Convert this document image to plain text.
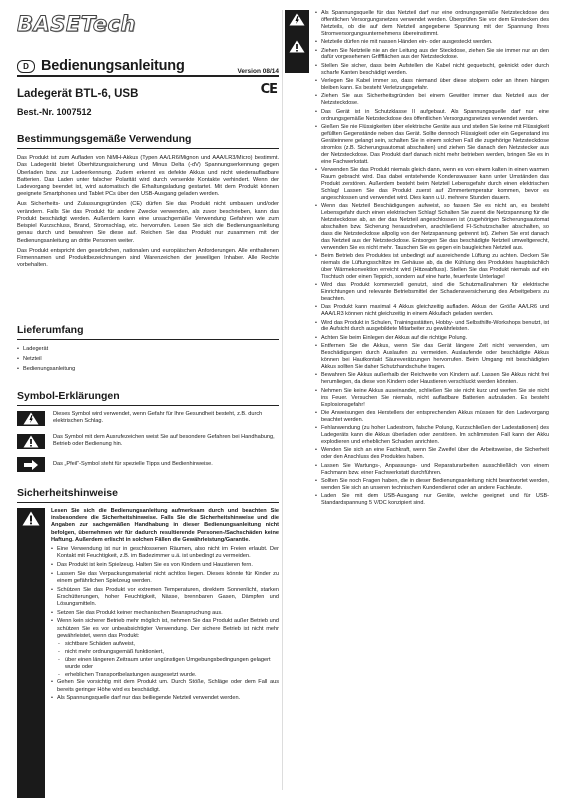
BASETech
D Bedienungsanleitung	Version 08/14
Ladegerät BTL-6, USB	CE
Best.-Nr. 1007512
Bestimmungsgemäße Verwendung

Das Produkt ist zum Aufladen von NiMH-Akkus (Typen AA/LR6/Mignon und AAA/LR3/Micro) bestimmt. Das Ladegerät bietet Überhitzungssicherung und Minus Delta (-dV) Spannungserkennung gegen Überladen bzw. zur Ladeerkennung. Zudem erkennt es defekte Akkus und nicht wiederaufladbare Batterien. Das Laden unter falscher Polarität wird durch versenkte Kontakte verhindert. Wenn der Ladevorgang beendet ist, wird automatisch die Erhaltungsladung gestartet. Mit dem Produkt können geeignete Smartphones und Tablet PCs über den USB-Ausgang geladen werden.

Aus Sicherheits- und Zulassungsgründen (CE) dürfen Sie das Produkt nicht umbauen und/oder verändern. Falls Sie das Produkt für andere Zwecke verwenden, als zuvor beschrieben, kann das Produkt beschädigt werden. Außerdem kann eine unsachgemäße Verwendung Gefahren wie zum Beispiel Kurzschluss, Brand, Stromschlag, etc. hervorrufen. Lesen Sie sich die Bedienungsanleitung genau durch und bewahren Sie diese auf. Reichen Sie das Produkt nur zusammen mit der Bedienungsanleitung an dritte Personen weiter.

Das Produkt entspricht den gesetzlichen, nationalen und europäischen Anforderungen. Alle enthaltenen Firmennamen und Produktbezeichnungen sind Warenzeichen der jeweiligen Inhaber. Alle Rechte vorbehalten.

Lieferumfang
• Ladegerät
• Netzteil
• Bedienungsanleitung
Symbol-Erklärungen
Dieses Symbol wird verwendet, wenn Gefahr für Ihre Gesundheit besteht, z.B. durch elektrischen Schlag.
Das Symbol mit dem Ausrufezeichen weist Sie auf besondere Gefahren bei Handhabung, Betrieb oder Bedienung hin.
Das „Pfeil“-Symbol steht für spezielle Tipps und Bedienhinweise.
Sicherheitshinweise
Lesen Sie sich die Bedienungsanleitung aufmerksam durch und beachten Sie insbesondere die Sicherheitshinweise. Falls Sie die Sicherheitshinweise und die Angaben zur sachgemäßen Handhabung in dieser Bedienungsanleitung nicht befolgen, übernehmen wir für dadurch resultierende Personen-/Sachschäden keine Haftung. Außerdem erlischt in solchen Fällen die Gewährleistung/Garantie.
• Eine Verwendung ist nur in geschlossenen Räumen, also nicht im Freien erlaubt. Der Kontakt mit Feuchtigkeit, z.B. im Badezimmer u.ä. ist unbedingt zu vermeiden.
• Das Produkt ist kein Spielzeug. Halten Sie es von Kindern und Haustieren fern.
• Lassen Sie das Verpackungsmaterial nicht achtlos liegen. Dieses könnte für Kinder zu einem gefährlichen Spielzeug werden.
• Schützen Sie das Produkt vor extremen Temperaturen, direktem Sonnenlicht, starken Erschütterungen, hoher Feuchtigkeit, Nässe, brennbaren Gasen, Dämpfen und Lösungsmitteln.
• Setzen Sie das Produkt keiner mechanischen Beanspruchung aus.
• Wenn kein sicherer Betrieb mehr möglich ist, nehmen Sie das Produkt außer Betrieb und schützen Sie es vor unbeabsichtigter Verwendung. Der sichere Betrieb ist nicht mehr gewährleistet, wenn das Produkt:
- sichtbare Schäden aufweist,
- nicht mehr ordnungsgemäß funktioniert,
- über einen längeren Zeitraum unter ungünstigen Umgebungsbedingungen gelagert wurde oder
- erheblichen Transportbelastungen ausgesetzt wurde.
• Gehen Sie vorsichtig mit dem Produkt um. Durch Stöße, Schläge oder dem Fall aus bereits geringer Höhe wird es beschädigt.
• Als Spannungsquelle darf nur das beiliegende Netzteil verwendet werden.
• Als Spannungsquelle für das Netzteil darf nur eine ordnungsgemäße Netzsteckdose des öffentlichen Versorgungsnetzes verwendet werden. Überprüfen Sie vor dem Einstecken des Netzteils, ob die auf dem Netzteil angegebene Spannung mit der Spannung Ihres Stromversorgungsunternehmens übereinstimmt.
• Netzteile dürfen nie mit nassen Händen ein- oder ausgesteckt werden.
• Ziehen Sie Netzteile nie an der Leitung aus der Steckdose, ziehen Sie sie immer nur an den dafür vorgesehenen Griffflächen aus der Netzsteckdose.
• Stellen Sie sicher, dass beim Aufstellen die Kabel nicht gequetscht, geknickt oder durch scharfe Kanten beschädigt werden.
• Verlegen Sie Kabel immer so, dass niemand über diese stolpern oder an ihnen hängen bleiben kann. Es besteht Verletzungsgefahr.
• Ziehen Sie aus Sicherheitsgründen bei einem Gewitter immer das Netzteil aus der Netzsteckdose.
• Das Gerät ist in Schutzklasse II aufgebaut. Als Spannungsquelle darf nur eine ordnungsgemäße Netzsteckdose des öffentlichen Versorgungsnetzes verwendet werden.
• Gießen Sie nie Flüssigkeiten über elektrische Geräte aus und stellen Sie keine mit Flüssigkeit gefüllten Gegenstände neben das Gerät. Sollte dennoch Flüssigkeit oder ein Gegenstand ins Geräteinnere gelangt sein, schalten Sie in einem solchen Fall die zugehörige Netzsteckdose stromlos (z.B. Sicherungsautomat abschalten) und ziehen Sie danach den Netzstecker aus der Netzsteckdose. Das Produkt darf danach nicht mehr betrieben werden, bringen Sie es in eine Fachwerkstatt.
• Verwenden Sie das Produkt niemals gleich dann, wenn es von einem kalten in einen warmen Raum gebracht wird. Das dabei entstehende Kondenswasser kann unter Umständen das Produkt zerstören. Außerdem besteht beim Netzteil Lebensgefahr durch einen elektrischen Schlag! Lassen Sie das Produkt zuerst auf Zimmertemperatur kommen, bevor es angeschlossen und verwendet wird. Dies kann u.U. mehrere Stunden dauern.
• Wenn das Netzteil Beschädigungen aufweist, so fassen Sie es nicht an, es besteht Lebensgefahr durch einen elektrischen Schlag! Schalten Sie zuerst die Netzspannung für die Netzsteckdose ab, an der das Netzteil angeschlossen ist (zugehörigen Sicherungsautomat abschalten bzw. Sicherung herausdrehen, anschließend FI-Schutzschalter abschalten, so dass die Netzsteckdose allpolig von der Netzspannung getrennt ist). Ziehen Sie erst danach das Netzteil aus der Netzsteckdose. Entsorgen Sie das beschädigte Netzteil umweltgerecht, verwenden Sie es nicht mehr. Tauschen Sie es gegen ein baugleiches Netzteil aus.
• Beim Betrieb des Produktes ist unbedingt auf ausreichende Lüftung zu achten. Decken Sie niemals die Lüftungsschlitze im Gehäuse ab, da die Kühlung des Produktes hauptsächlich über Wärmekonvektion erreicht wird (Hitzeabfluss). Stellen Sie das Produkt niemals auf ein Tischtuch oder einen Teppich, sondern auf eine harte, feuerfeste Unterlage!
• Wird das Produkt kommerziell genutzt, sind die Schutzmaßnahmen für elektrische Einrichtungen und relevante Betriebsmittel der Schadensversicherung des Arbeitgebers zu beachten.
• Das Produkt kann maximal 4 Akkus gleichzeitig aufladen. Akkus der Größe AA/LR6 und AAA/LR3 können nicht gleichzeitig in einem Akkufach geladen werden.
• Wird das Produkt in Schulen, Trainingsstätten, Hobby- und Selbsthilfe-Workshops benutzt, ist die Aufsicht durch ausgebildete Mitarbeiter zu gewährleisten.
• Achten Sie beim Einlegen der Akkus auf die richtige Polung.
• Entfernen Sie die Akkus, wenn Sie das Gerät längere Zeit nicht verwenden, um Beschädigungen durch Auslaufen zu vermeiden. Auslaufende oder beschädigte Akkus können bei Hautkontakt Säureverätzungen hervorrufen. Beim Umgang mit beschädigten Akkus sollten Sie daher Schutzhandschuhe tragen.
• Bewahren Sie Akkus außerhalb der Reichweite von Kindern auf. Lassen Sie Akkus nicht frei herumliegen, da diese von Kindern oder Haustieren verschluckt werden könnten.
• Nehmen Sie keine Akkus auseinander, schließen Sie sie nicht kurz und werfen Sie sie nicht ins Feuer. Versuchen Sie niemals, nicht aufladbare Batterien aufzuladen. Es besteht Explosionsgefahr!
• Die Anweisungen des Herstellers der entsprechenden Akkus müssen für den Ladevorgang beachtet werden.
• Fehlanwendung (zu hoher Ladestrom, falsche Polung, Kurzschließen der Ladestationen) des Ladegeräts kann die Akkus überladen oder zerstören. Im schlimmsten Fall kann der Akku explodieren und erheblichen Schaden anrichten.
• Wenden Sie sich an eine Fachkraft, wenn Sie Zweifel über die Arbeitsweise, die Sicherheit oder den Anschluss des Produktes haben.
• Lassen Sie Wartungs-, Anpassungs- und Reparaturarbeiten ausschließlich von einem Fachmann bzw. einer Fachwerkstatt durchführen.
• Sollten Sie noch Fragen haben, die in dieser Bedienungsanleitung nicht beantwortet werden, wenden Sie sich an unseren technischen Kundendienst oder an andere Fachleute.
• Laden Sie mit dem USB-Ausgang nur Geräte, welche geeignet und für USB-Standardspannung 5 V/DC konzipiert sind.
